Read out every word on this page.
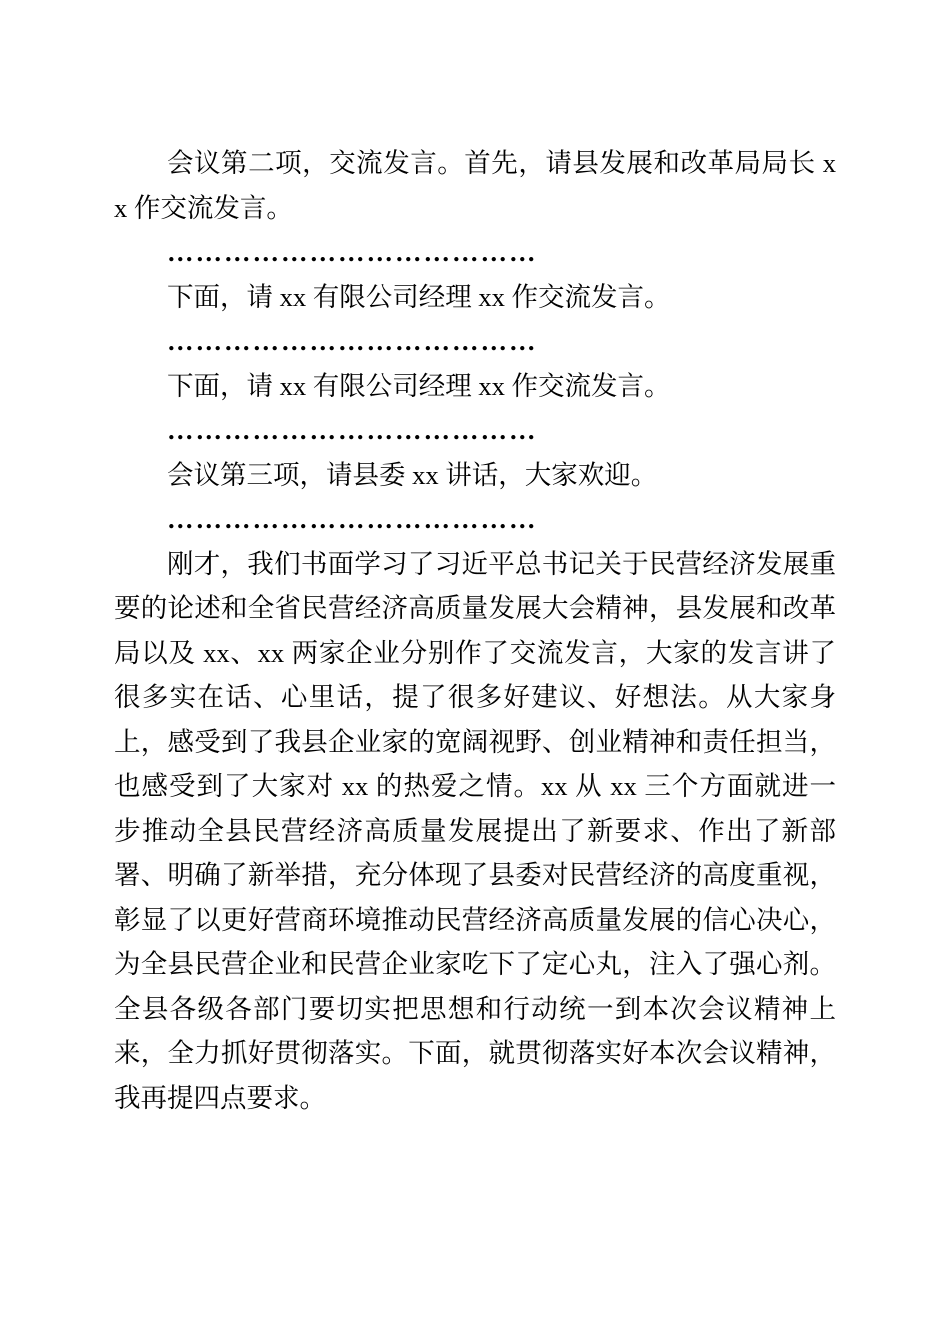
会议第二项，交流发言。首先，请县发展和改革局局长 xx 作交流发言。

…………………………………

下面，请 xx 有限公司经理 xx 作交流发言。

…………………………………

下面，请 xx 有限公司经理 xx 作交流发言。

…………………………………

会议第三项，请县委 xx 讲话，大家欢迎。

…………………………………

刚才，我们书面学习了习近平总书记关于民营经济发展重要的论述和全省民营经济高质量发展大会精神，县发展和改革局以及 xx、xx 两家企业分别作了交流发言，大家的发言讲了很多实在话、心里话，提了很多好建议、好想法。从大家身上，感受到了我县企业家的宽阔视野、创业精神和责任担当，也感受到了大家对 xx 的热爱之情。xx 从 xx 三个方面就进一步推动全县民营经济高质量发展提出了新要求、作出了新部署、明确了新举措，充分体现了县委对民营经济的高度重视，彰显了以更好营商环境推动民营经济高质量发展的信心决心，为全县民营企业和民营企业家吃下了定心丸，注入了强心剂。全县各级各部门要切实把思想和行动统一到本次会议精神上来，全力抓好贯彻落实。下面，就贯彻落实好本次会议精神，我再提四点要求。
